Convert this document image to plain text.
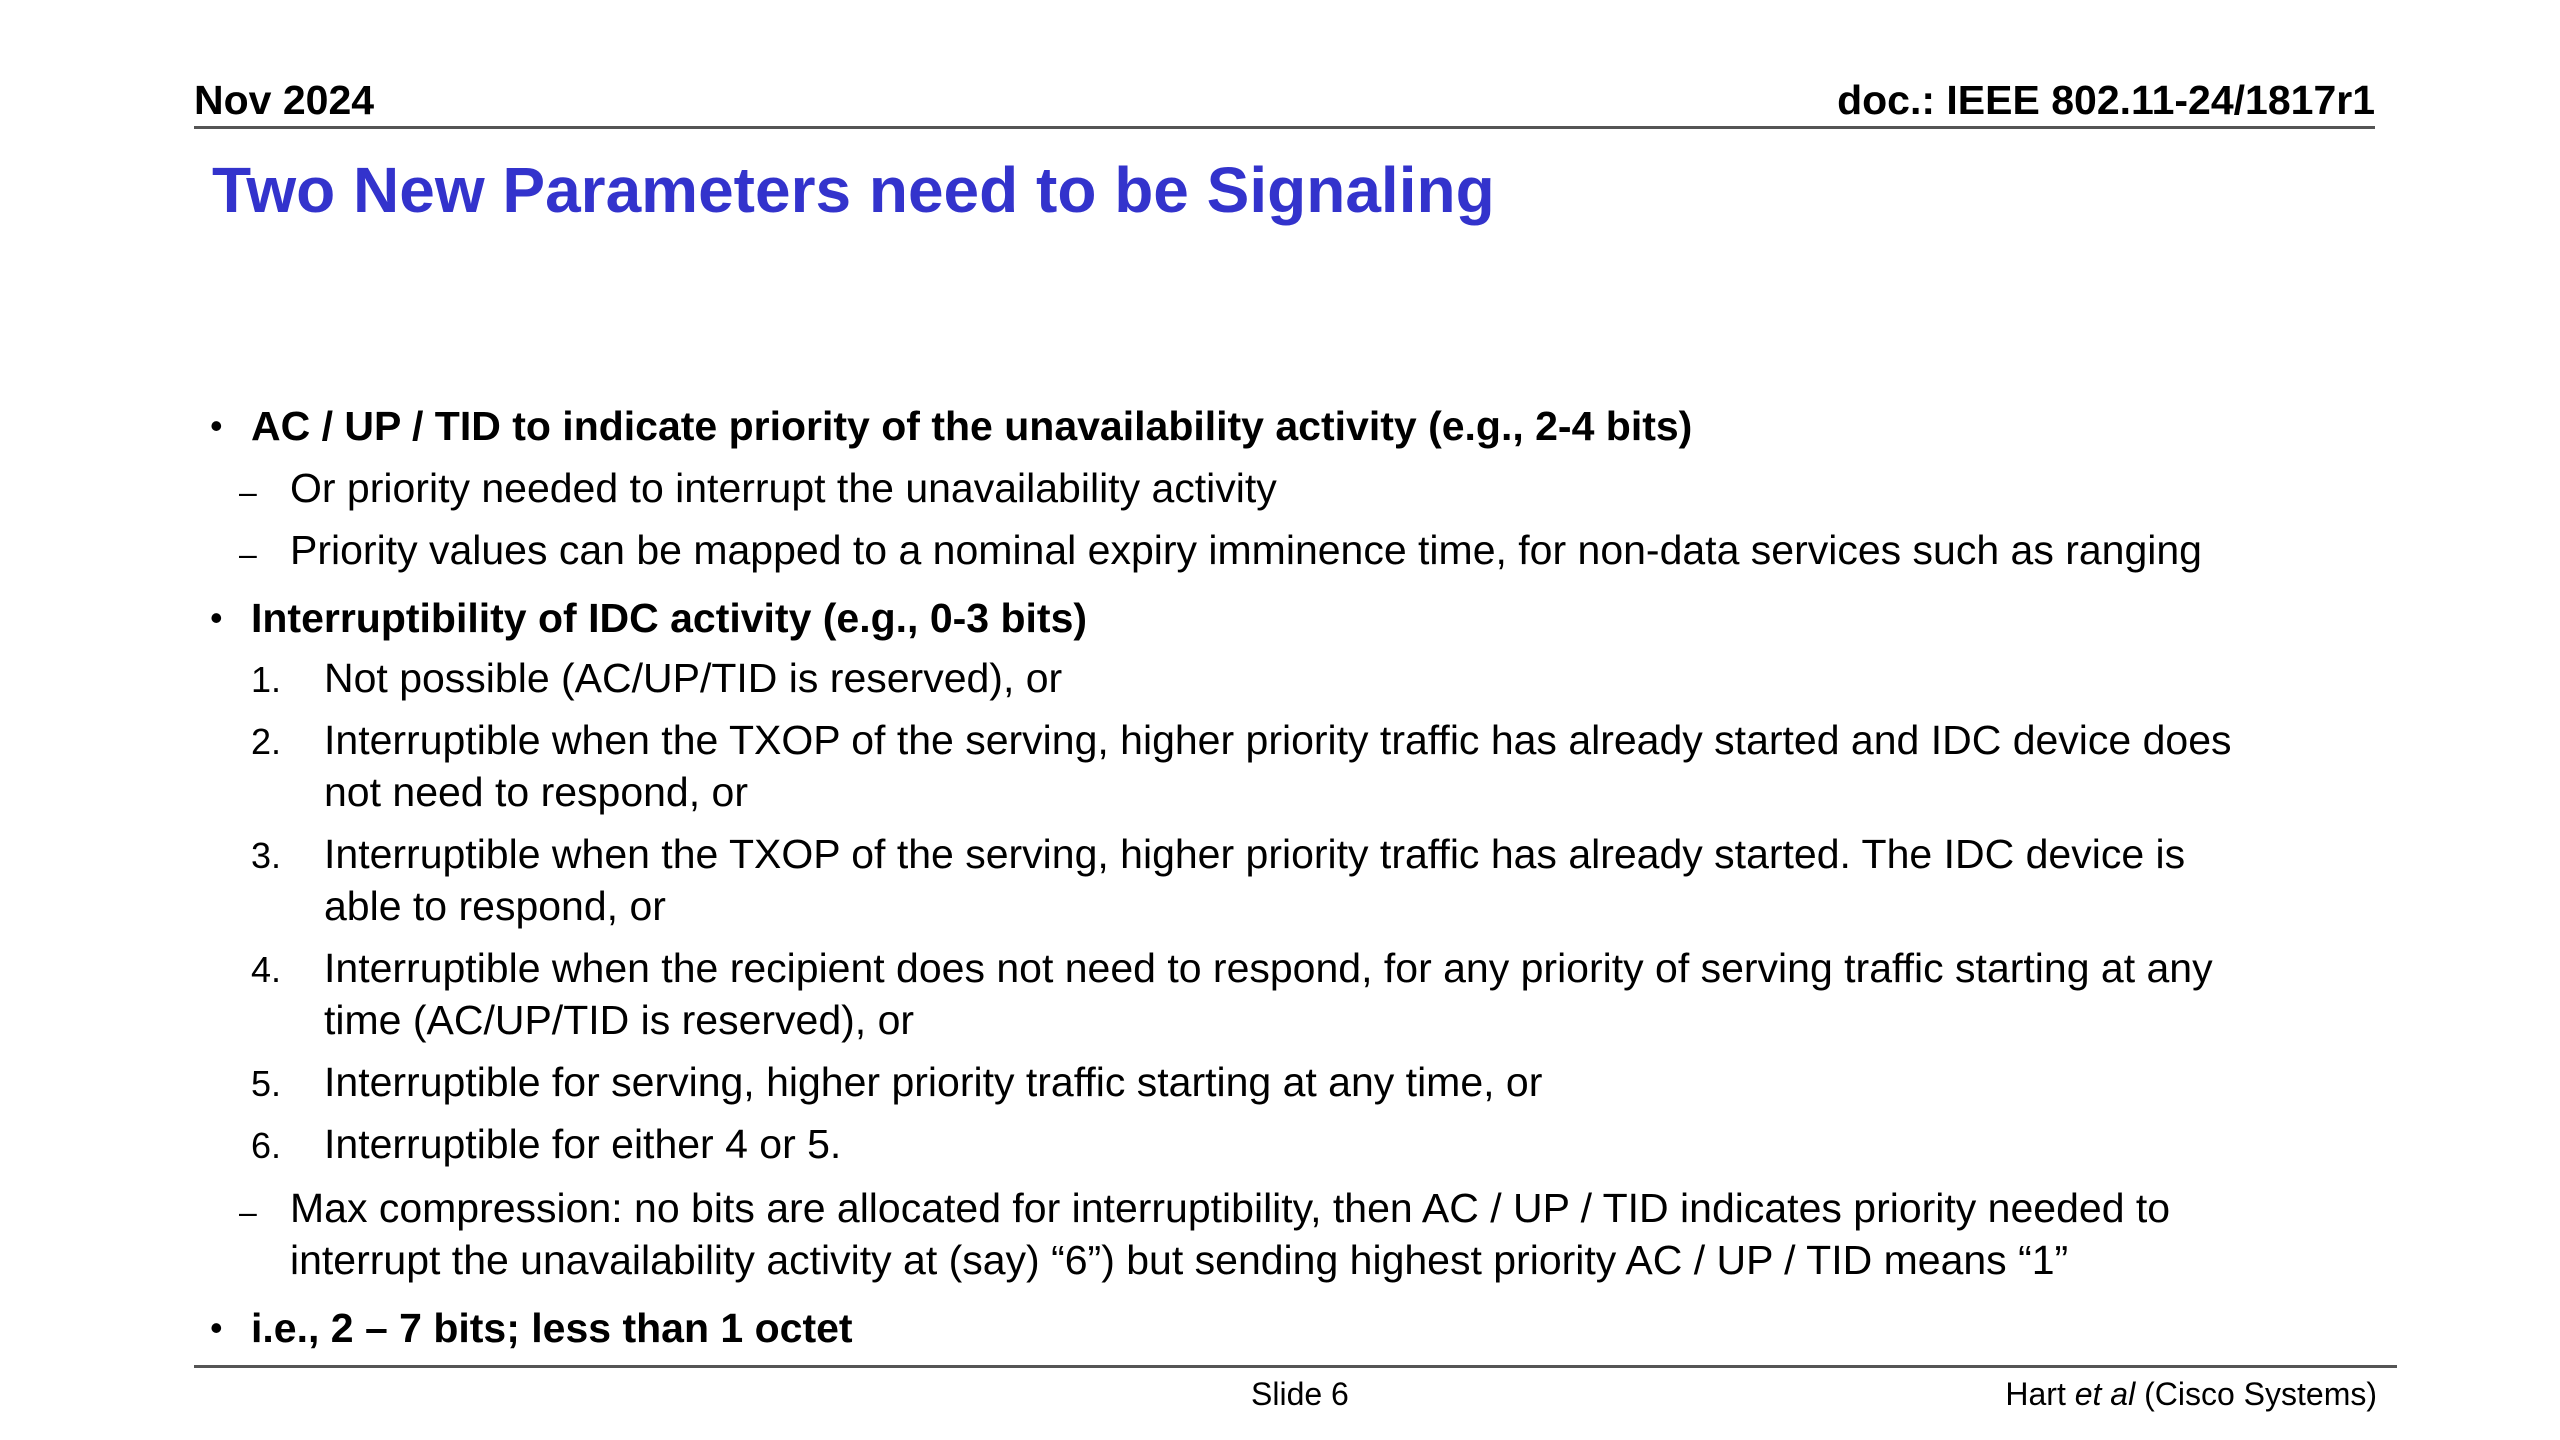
Nov 2024	doc.: IEEE 802.11-24/1817r1
Two New Parameters need to be Signaling
• AC / UP / TID to indicate priority of the unavailability activity (e.g., 2-4 bits)
– Or priority needed to interrupt the unavailability activity
– Priority values can be mapped to a nominal expiry imminence time, for non-data services such as ranging
• Interruptibility of IDC activity (e.g., 0-3 bits)
1. Not possible (AC/UP/TID is reserved), or
2. Interruptible when the TXOP of the serving, higher priority traffic has already started and IDC device does
not need to respond, or
3. Interruptible when the TXOP of the serving, higher priority traffic has already started. The IDC device is
able to respond, or
4. Interruptible when the recipient does not need to respond, for any priority of serving traffic starting at any
time (AC/UP/TID is reserved), or
5. Interruptible for serving, higher priority traffic starting at any time, or
6. Interruptible for either 4 or 5.
– Max compression: no bits are allocated for interruptibility, then AC / UP / TID indicates priority needed to
interrupt the unavailability activity at (say) “6”) but sending highest priority AC / UP / TID means “1”
• i.e., 2 – 7 bits; less than 1 octet
Slide 6	Hart et al (Cisco Systems)
